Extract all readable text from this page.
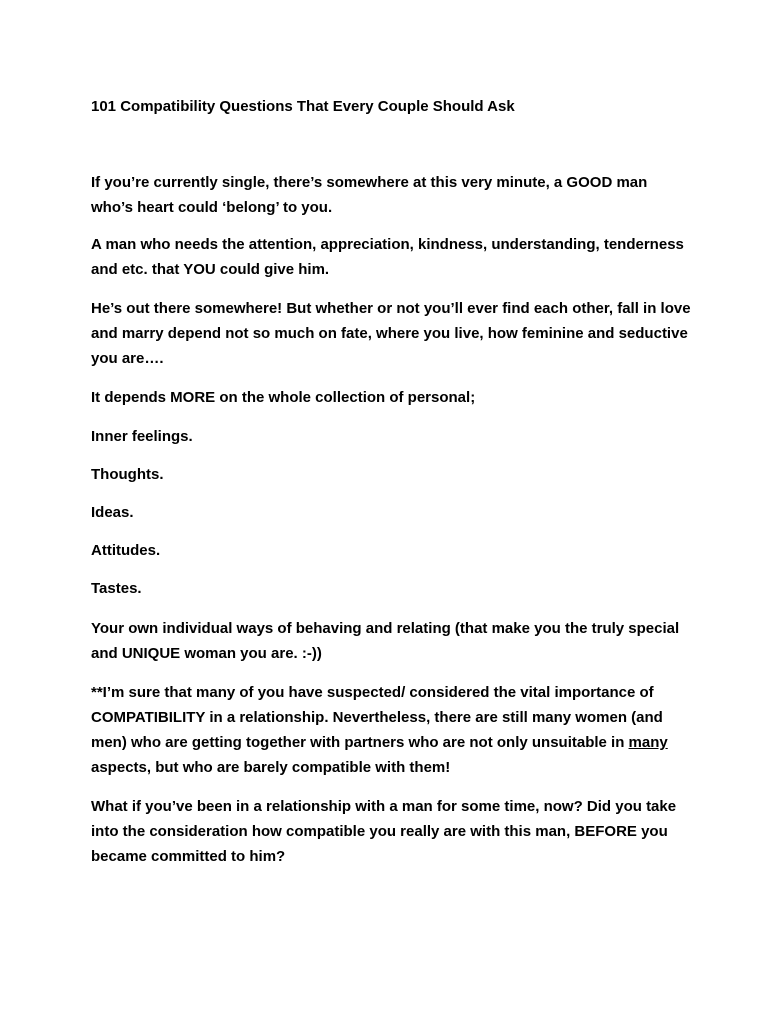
101 Compatibility Questions That Every Couple Should Ask

If you’re currently single, there’s somewhere at this very minute, a GOOD man who’s heart could ‘belong’ to you.

A man who needs the attention, appreciation, kindness, understanding, tenderness and etc. that YOU could give him.

He’s out there somewhere! But whether or not you’ll ever find each other, fall in love and marry depend not so much on fate, where you live, how feminine and seductive you are….

It depends MORE on the whole collection of personal;

Inner feelings.

Thoughts.

Ideas.

Attitudes.

Tastes.

Your own individual ways of behaving and relating (that make you the truly special and UNIQUE woman you are. :-))

**I’m sure that many of you have suspected/ considered the vital importance of COMPATIBILITY in a relationship. Nevertheless, there are still many women (and men) who are getting together with partners who are not only unsuitable in many aspects, but who are barely compatible with them!

What if you’ve been in a relationship with a man for some time, now? Did you take into the consideration how compatible you really are with this man, BEFORE you became committed to him?
